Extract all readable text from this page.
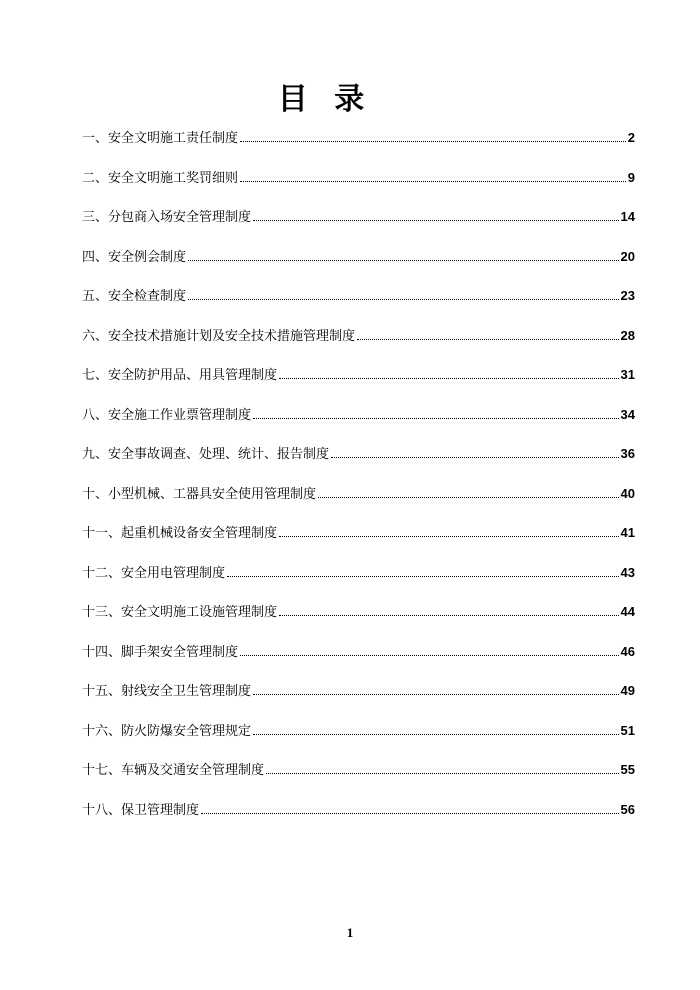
目 录
一、安全文明施工责任制度	2
二、安全文明施工奖罚细则	9
三、分包商入场安全管理制度	14
四、安全例会制度	20
五、安全检查制度	23
六、安全技术措施计划及安全技术措施管理制度	28
七、安全防护用品、用具管理制度	31
八、安全施工作业票管理制度	34
九、安全事故调查、处理、统计、报告制度	36
十、小型机械、工器具安全使用管理制度	40
十一、起重机械设备安全管理制度	41
十二、安全用电管理制度	43
十三、安全文明施工设施管理制度	44
十四、脚手架安全管理制度	46
十五、射线安全卫生管理制度	49
十六、防火防爆安全管理规定	51
十七、车辆及交通安全管理制度	55
十八、保卫管理制度	56
1
